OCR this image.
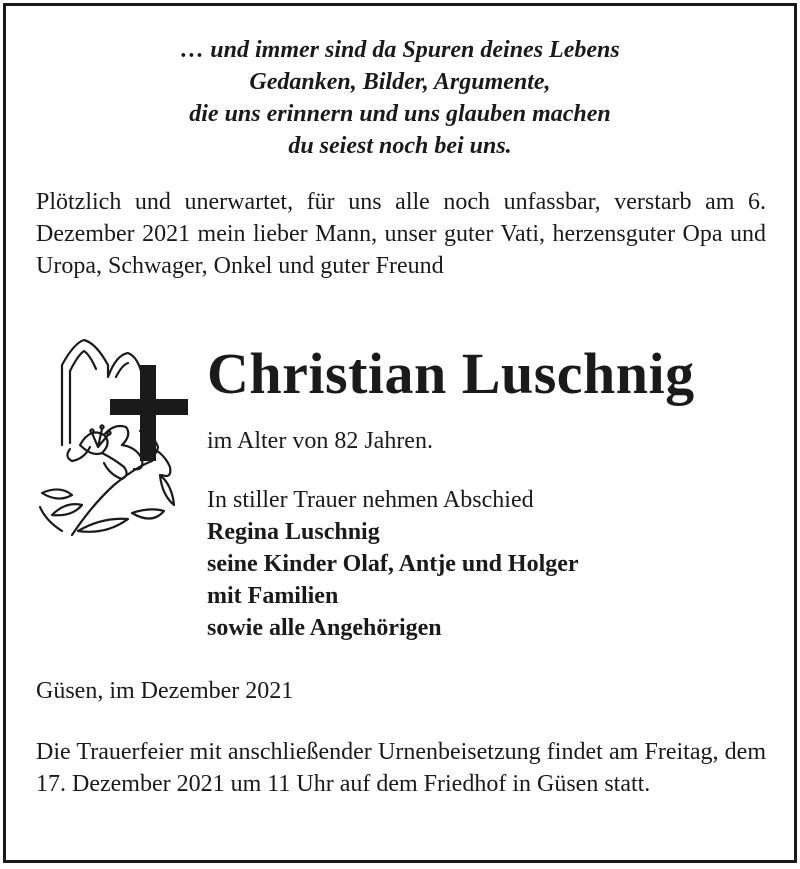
… und immer sind da Spuren deines Lebens
Gedanken, Bilder, Argumente,
die uns erinnern und uns glauben machen
du seiest noch bei uns.
Plötzlich und unerwartet, für uns alle noch unfassbar, verstarb am 6. Dezember 2021 mein lieber Mann, unser guter Vati, herzensguter Opa und Uropa, Schwager, Onkel und guter Freund
Christian Luschnig
im Alter von 82 Jahren.
In stiller Trauer nehmen Abschied
Regina Luschnig
seine Kinder Olaf, Antje und Holger
mit Familien
sowie alle Angehörigen
Güsen, im Dezember 2021
Die Trauerfeier mit anschließender Urnenbeisetzung findet am Freitag, dem 17. Dezember 2021 um 11 Uhr auf dem Friedhof in Güsen statt.
